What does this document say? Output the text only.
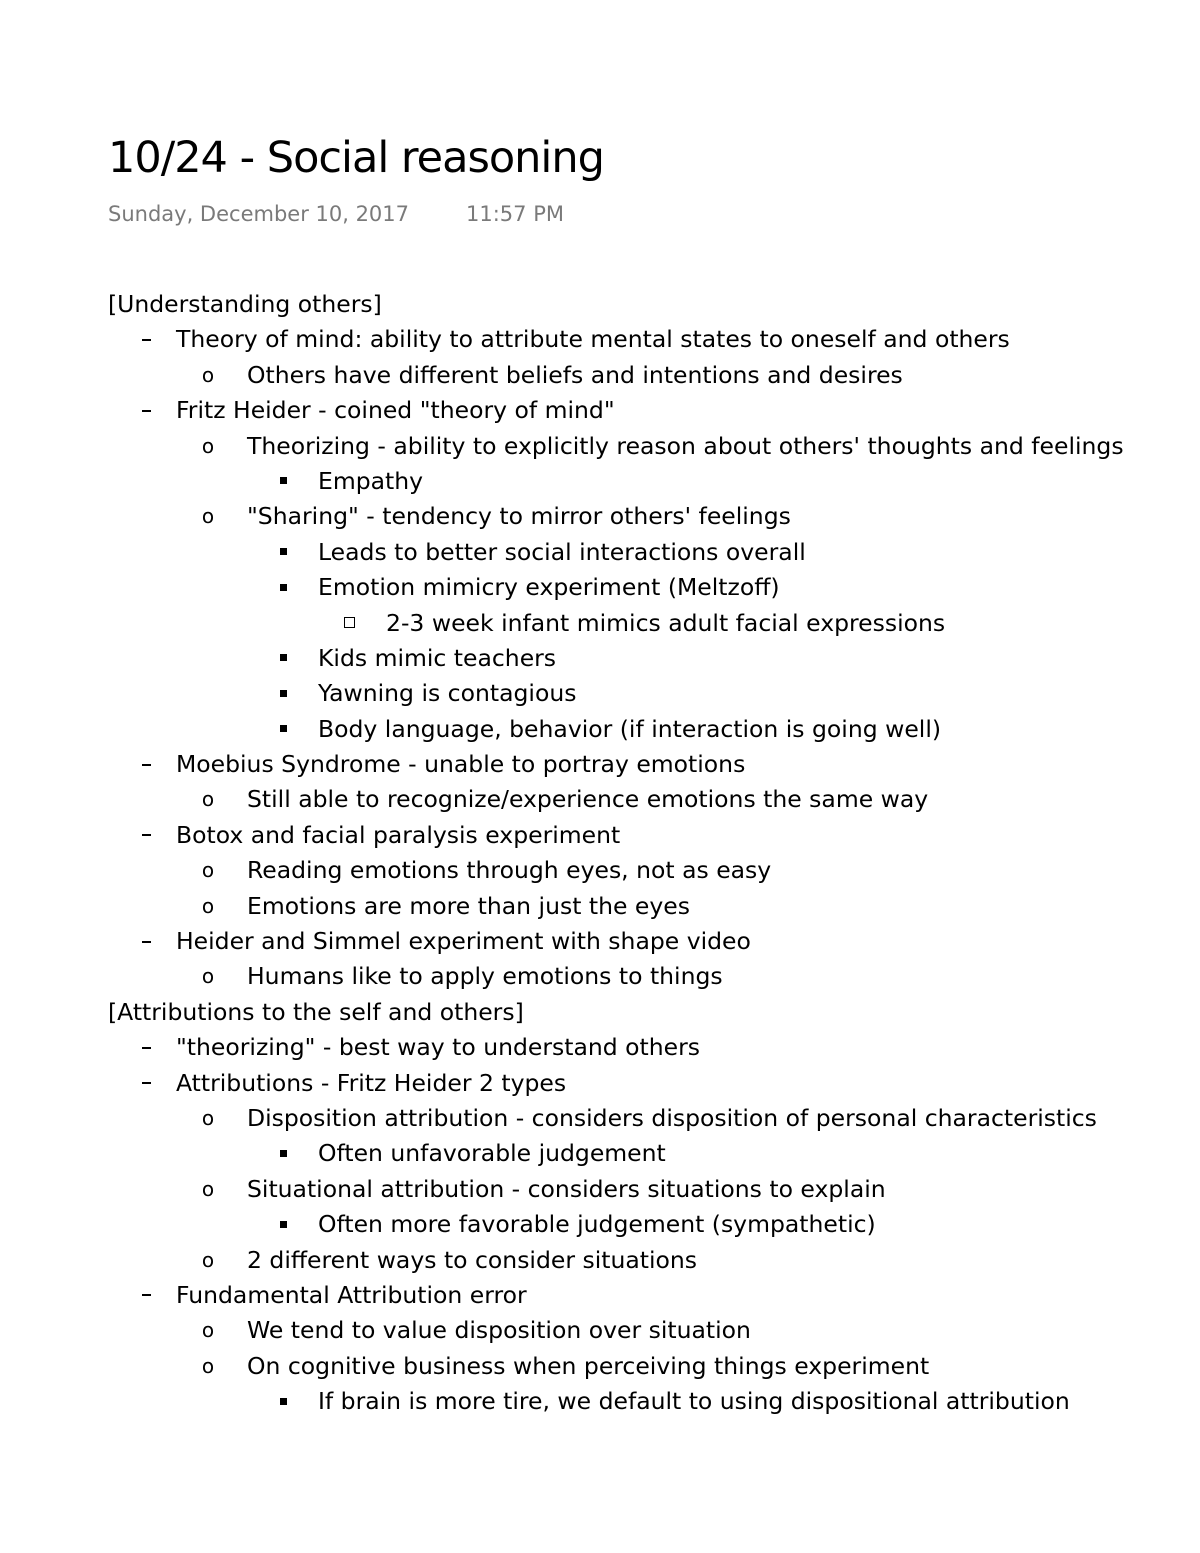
10/24 - Social reasoning
Sunday, December 10, 2017	11:57 PM
[Understanding others]
Theory of mind: ability to attribute mental states to oneself and others
o Others have different beliefs and intentions and desires
Fritz Heider - coined "theory of mind"
o Theorizing - ability to explicitly reason about others' thoughts and feelings
Empathy
o "Sharing" - tendency to mirror others' feelings
Leads to better social interactions overall
Emotion mimicry experiment (Meltzoff)
2-3 week infant mimics adult facial expressions
Kids mimic teachers
Yawning is contagious
Body language, behavior (if interaction is going well)
Moebius Syndrome - unable to portray emotions
o Still able to recognize/experience emotions the same way
Botox and facial paralysis experiment
o Reading emotions through eyes, not as easy
o Emotions are more than just the eyes
Heider and Simmel experiment with shape video
o Humans like to apply emotions to things
[Attributions to the self and others]
"theorizing" - best way to understand others
Attributions - Fritz Heider 2 types
o Disposition attribution - considers disposition of personal characteristics
Often unfavorable judgement
o Situational attribution - considers situations to explain
Often more favorable judgement (sympathetic)
o 2 different ways to consider situations
Fundamental Attribution error
o We tend to value disposition over situation
o On cognitive business when perceiving things experiment
If brain is more tire, we default to using dispositional attribution
